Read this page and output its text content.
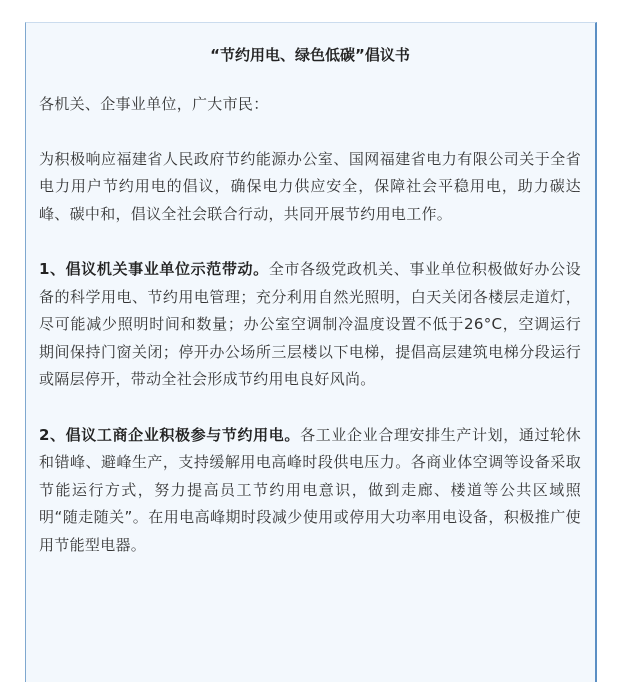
“节约用电、绿色低碳”倡议书

各机关、企事业单位，广大市民：

为积极响应福建省人民政府节约能源办公室、国网福建省电力有限公司关于全省电力用户节约用电的倡议，确保电力供应安全，保障社会平稳用电，助力碳达峰、碳中和，倡议全社会联合行动，共同开展节约用电工作。

1、倡议机关事业单位示范带动。全市各级党政机关、事业单位积极做好办公设备的科学用电、节约用电管理；充分利用自然光照明，白天关闭各楼层走道灯，尽可能减少照明时间和数量；办公室空调制冷温度设置不低于26°C，空调运行期间保持门窗关闭；停开办公场所三层楼以下电梯，提倡高层建筑电梯分段运行或隔层停开，带动全社会形成节约用电良好风尚。

2、倡议工商企业积极参与节约用电。各工业企业合理安排生产计划，通过轮休和错峰、避峰生产，支持缓解用电高峰时段供电压力。各商业体空调等设备采取节能运行方式，努力提高员工节约用电意识，做到走廊、楼道等公共区域照明“随走随关”。在用电高峰期时段减少使用或停用大功率用电设备，积极推广使用节能型电器。
